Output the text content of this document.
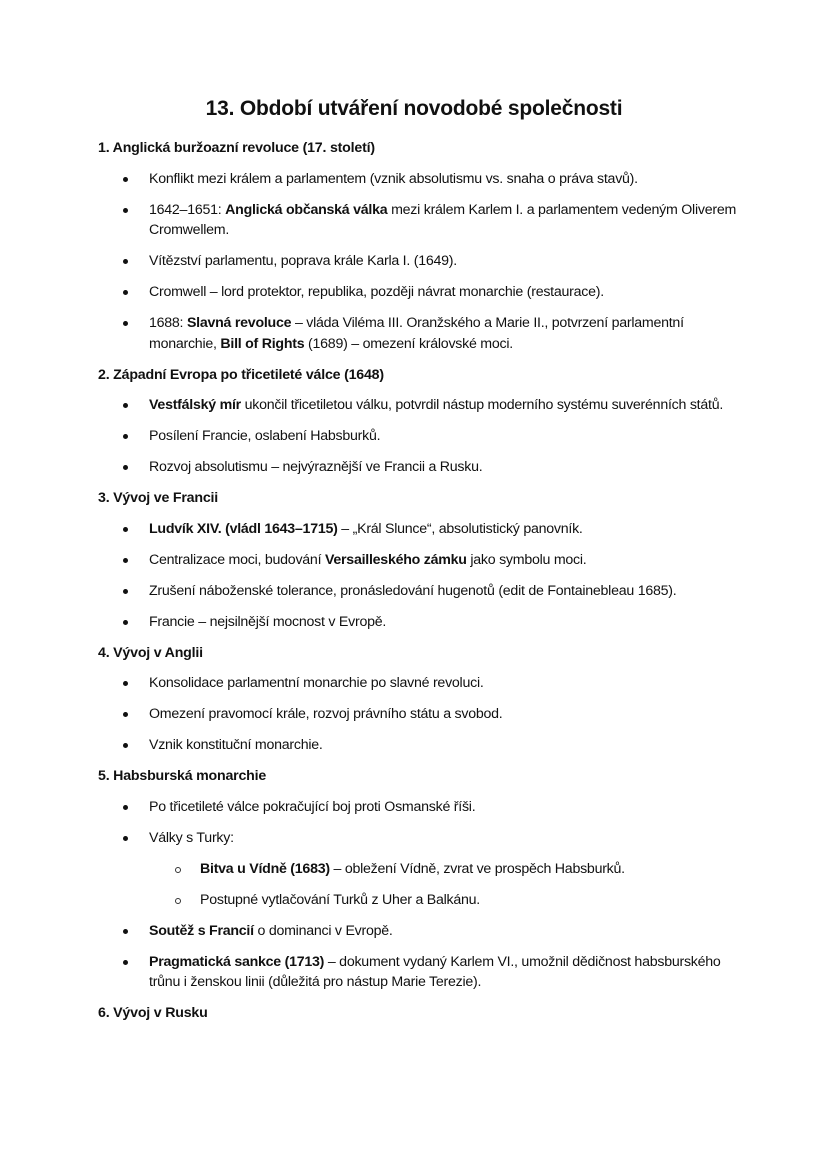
13. Období utváření novodobé společnosti
1. Anglická buržoazní revoluce (17. století)
Konflikt mezi králem a parlamentem (vznik absolutismu vs. snaha o práva stavů).
1642–1651: Anglická občanská válka mezi králem Karlem I. a parlamentem vedeným Oliverem Cromwellem.
Vítězství parlamentu, poprava krále Karla I. (1649).
Cromwell – lord protektor, republika, později návrat monarchie (restaurace).
1688: Slavná revoluce – vláda Viléma III. Oranžského a Marie II., potvrzení parlamentní monarchie, Bill of Rights (1689) – omezení královské moci.
2. Západní Evropa po třicetileté válce (1648)
Vestfálský mír ukončil třicetiletou válku, potvrdil nástup moderního systému suverénních států.
Posílení Francie, oslabení Habsburků.
Rozvoj absolutismu – nejvýraznější ve Francii a Rusku.
3. Vývoj ve Francii
Ludvík XIV. (vládl 1643–1715) – „Král Slunce“, absolutistický panovník.
Centralizace moci, budování Versailleského zámku jako symbolu moci.
Zrušení náboženské tolerance, pronásledování hugenotů (edit de Fontainebleau 1685).
Francie – nejsilnější mocnost v Evropě.
4. Vývoj v Anglii
Konsolidace parlamentní monarchie po slavné revoluci.
Omezení pravomocí krále, rozvoj právního státu a svobod.
Vznik konstituční monarchie.
5. Habsburská monarchie
Po třicetileté válce pokračující boj proti Osmanské říši.
Války s Turky:
Bitva u Vídně (1683) – obležení Vídně, zvrat ve prospěch Habsburků.
Postupné vytlačování Turků z Uher a Balkánu.
Soutěž s Francií o dominanci v Evropě.
Pragmatická sankce (1713) – dokument vydaný Karlem VI., umožnil dědičnost habsburského trůnu i ženskou linii (důležitá pro nástup Marie Terezie).
6. Vývoj v Rusku
